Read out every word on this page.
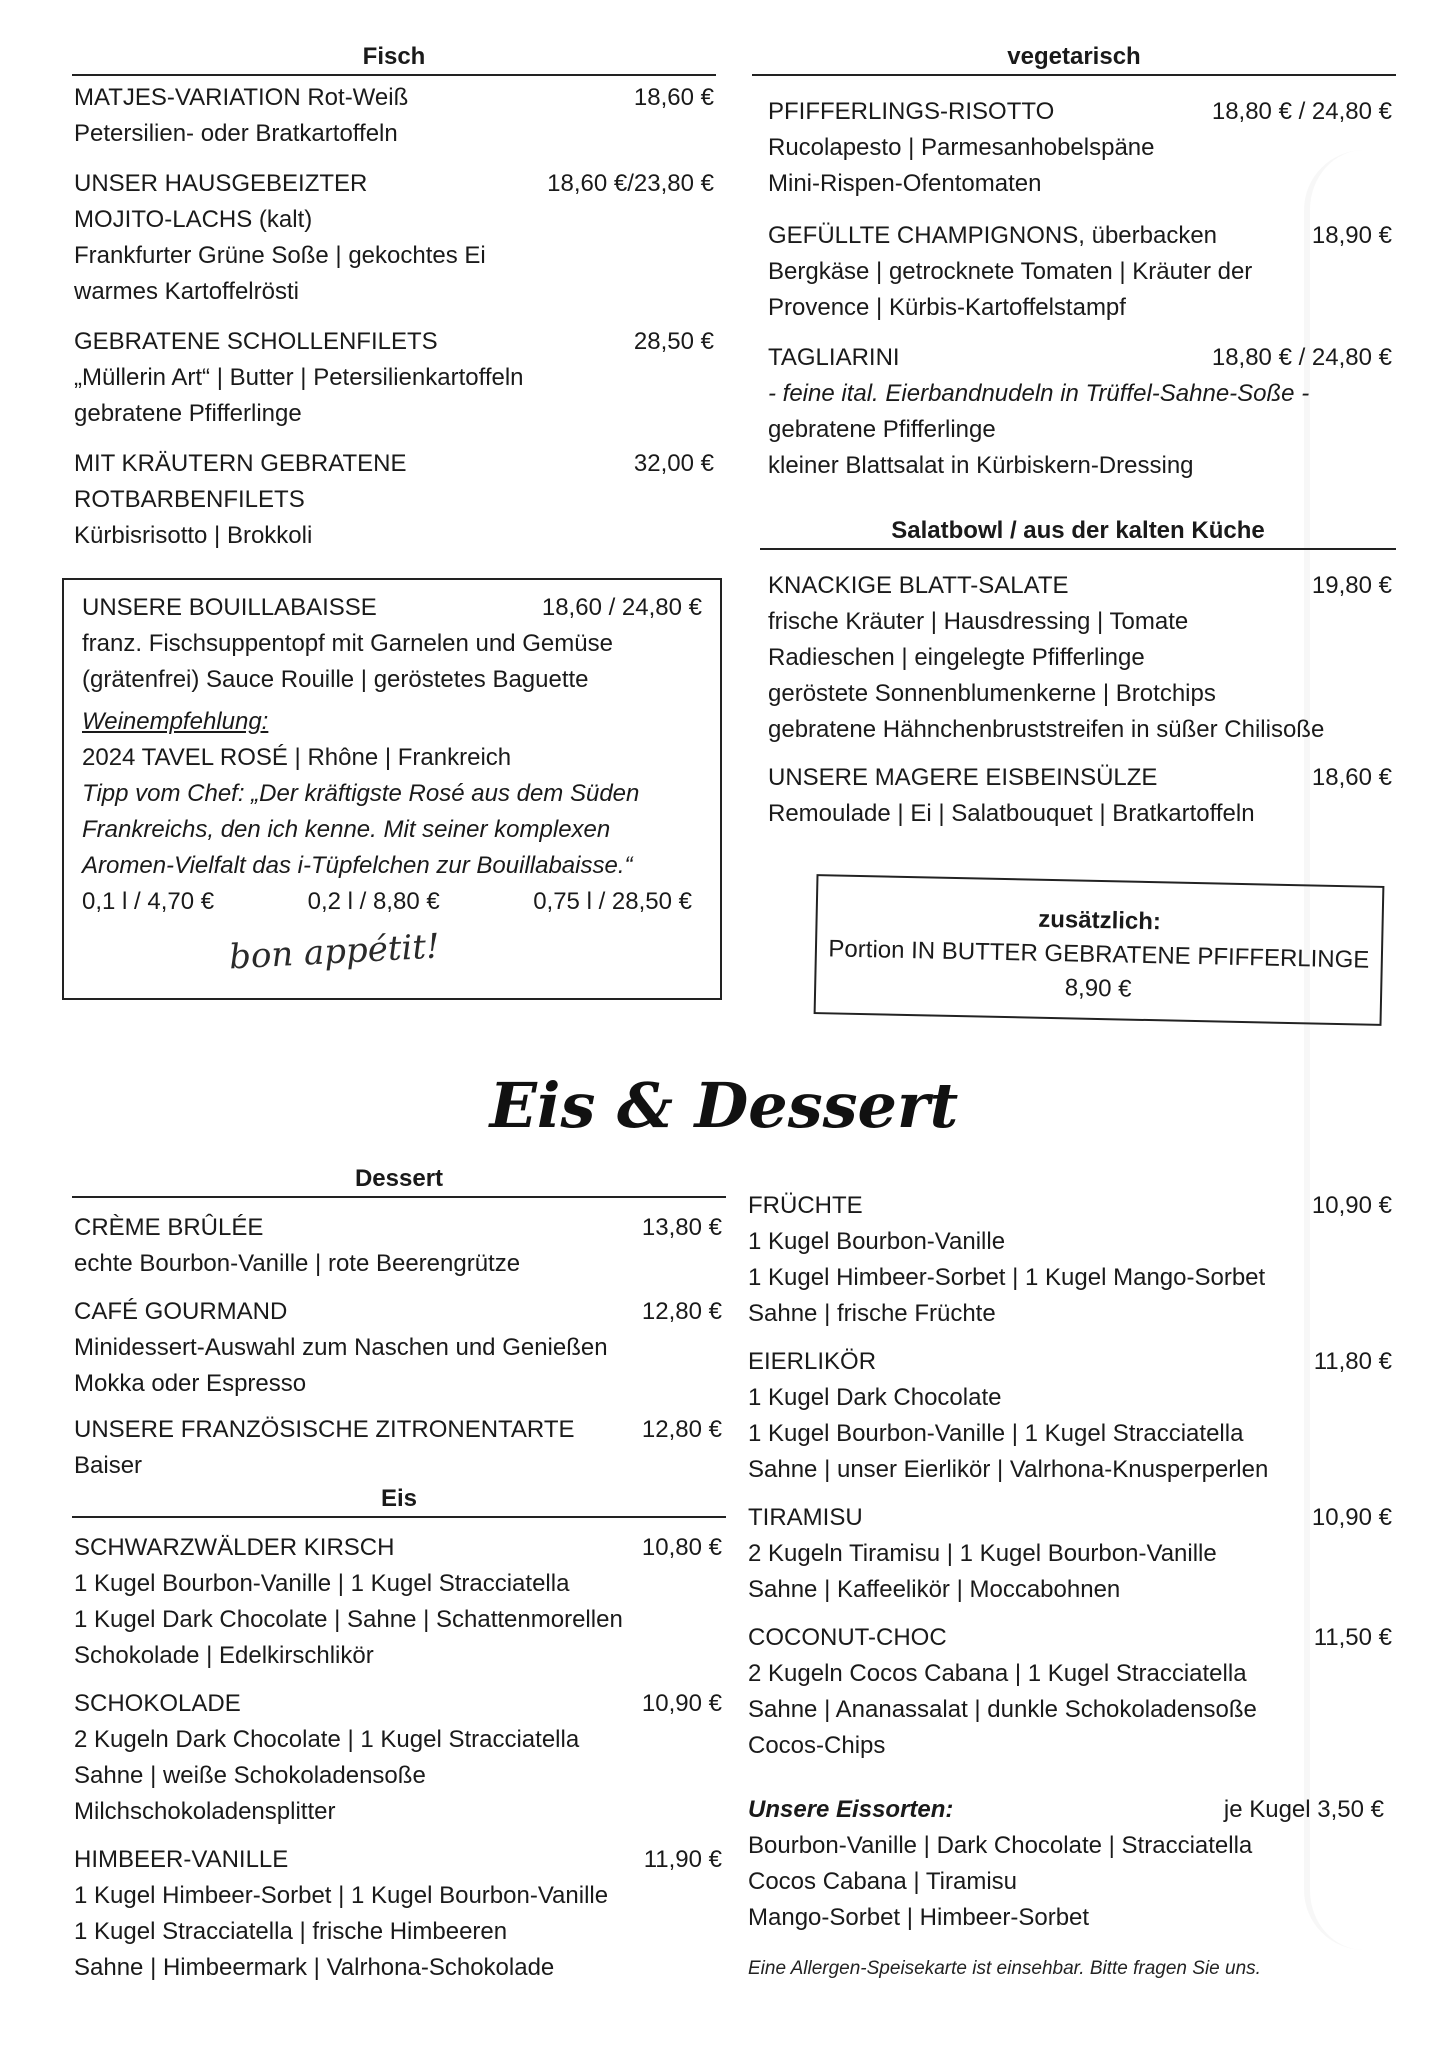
Fisch
MATJES-VARIATION Rot-Weiß	18,60 €
Petersilien- oder Bratkartoffeln
UNSER HAUSGEBEIZTER	18,60 €/23,80 €
MOJITO-LACHS (kalt)
Frankfurter Grüne Soße | gekochtes Ei
warmes Kartoffelrösti
GEBRATENE SCHOLLENFILETS	28,50 €
„Müllerin Art“ | Butter | Petersilienkartoffeln
gebratene Pfifferlinge
MIT KRÄUTERN GEBRATENE	32,00 €
ROTBARBENFILETS
Kürbisrisotto | Brokkoli
UNSERE BOUILLABAISSE	18,60 / 24,80 €
franz. Fischsuppentopf mit Garnelen und Gemüse
(grätenfrei) Sauce Rouille | geröstetes Baguette
Weinempfehlung:
2024 TAVEL ROSÉ | Rhône | Frankreich
Tipp vom Chef: „Der kräftigste Rosé aus dem Süden
Frankreichs, den ich kenne. Mit seiner komplexen
Aromen-Vielfalt das i-Tüpfelchen zur Bouillabaisse.“
0,1 l / 4,70 €	0,2 l / 8,80 €	0,75 l / 28,50 €
bon appétit!
vegetarisch
PFIFFERLINGS-RISOTTO	18,80 € / 24,80 €
Rucolapesto | Parmesanhobelspäne
Mini-Rispen-Ofentomaten
GEFÜLLTE CHAMPIGNONS, überbacken	18,90 €
Bergkäse | getrocknete Tomaten | Kräuter der
Provence | Kürbis-Kartoffelstampf
TAGLIARINI	18,80 € / 24,80 €
- feine ital. Eierbandnudeln in Trüffel-Sahne-Soße -
gebratene Pfifferlinge
kleiner Blattsalat in Kürbiskern-Dressing
Salatbowl / aus der kalten Küche
KNACKIGE BLATT-SALATE	19,80 €
frische Kräuter | Hausdressing | Tomate
Radieschen | eingelegte Pfifferlinge
geröstete Sonnenblumenkerne | Brotchips
gebratene Hähnchenbruststreifen in süßer Chilisoße
UNSERE MAGERE EISBEINSÜLZE	18,60 €
Remoulade | Ei | Salatbouquet | Bratkartoffeln
zusätzlich:
Portion IN BUTTER GEBRATENE PFIFFERLINGE
8,90 €
Eis & Dessert
Dessert
CRÈME BRÛLÉE	13,80 €
echte Bourbon-Vanille | rote Beerengrütze
CAFÉ GOURMAND	12,80 €
Minidessert-Auswahl zum Naschen und Genießen
Mokka oder Espresso
UNSERE FRANZÖSISCHE ZITRONENTARTE	12,80 €
Baiser
Eis
SCHWARZWÄLDER KIRSCH	10,80 €
1 Kugel Bourbon-Vanille | 1 Kugel Stracciatella
1 Kugel Dark Chocolate | Sahne | Schattenmorellen
Schokolade | Edelkirschlikör
SCHOKOLADE	10,90 €
2 Kugeln Dark Chocolate | 1 Kugel Stracciatella
Sahne | weiße Schokoladensoße
Milchschokoladensplitter
HIMBEER-VANILLE	11,90 €
1 Kugel Himbeer-Sorbet | 1 Kugel Bourbon-Vanille
1 Kugel Stracciatella | frische Himbeeren
Sahne | Himbeermark | Valrhona-Schokolade
FRÜCHTE	10,90 €
1 Kugel Bourbon-Vanille
1 Kugel Himbeer-Sorbet | 1 Kugel Mango-Sorbet
Sahne | frische Früchte
EIERLIKÖR	11,80 €
1 Kugel Dark Chocolate
1 Kugel Bourbon-Vanille | 1 Kugel Stracciatella
Sahne | unser Eierlikör | Valrhona-Knusperperlen
TIRAMISU	10,90 €
2 Kugeln Tiramisu | 1 Kugel Bourbon-Vanille
Sahne | Kaffeelikör | Moccabohnen
COCONUT-CHOC	11,50 €
2 Kugeln Cocos Cabana | 1 Kugel Stracciatella
Sahne | Ananassalat | dunkle Schokoladensoße
Cocos-Chips
Unsere Eissorten:	je Kugel 3,50 €
Bourbon-Vanille | Dark Chocolate | Stracciatella
Cocos Cabana | Tiramisu
Mango-Sorbet | Himbeer-Sorbet
Eine Allergen-Speisekarte ist einsehbar. Bitte fragen Sie uns.
